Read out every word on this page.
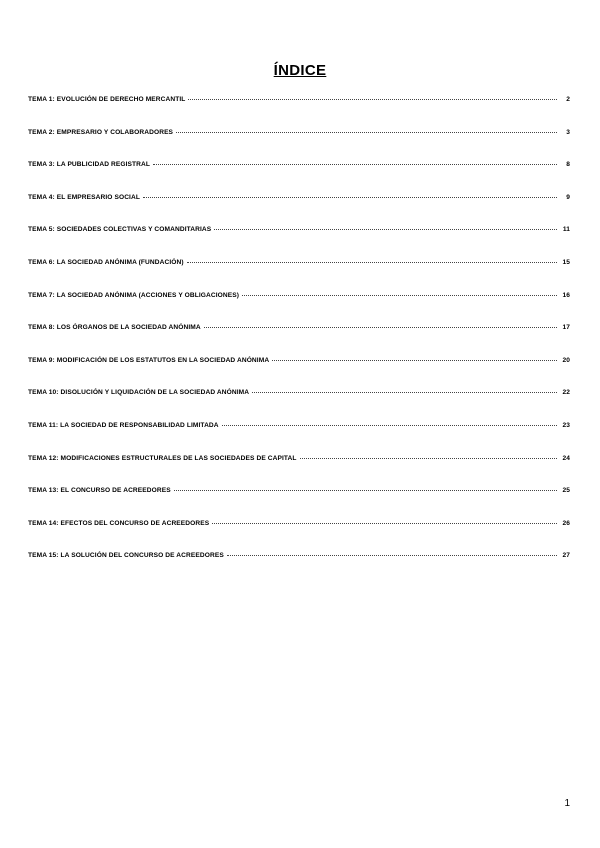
ÍNDICE
TEMA 1: EVOLUCIÓN DE DERECHO MERCANTIL	2
TEMA 2: EMPRESARIO Y COLABORADORES	3
TEMA 3: LA PUBLICIDAD REGISTRAL	8
TEMA 4: EL EMPRESARIO SOCIAL	9
TEMA 5: SOCIEDADES COLECTIVAS Y COMANDITARIAS	11
TEMA 6: LA SOCIEDAD ANÓNIMA (FUNDACIÓN)	15
TEMA 7: LA SOCIEDAD ANÓNIMA (ACCIONES Y OBLIGACIONES)	16
TEMA 8: LOS ÓRGANOS DE LA SOCIEDAD ANÓNIMA	17
TEMA 9: MODIFICACIÓN DE LOS ESTATUTOS EN LA SOCIEDAD ANÓNIMA	20
TEMA 10: DISOLUCIÓN Y LIQUIDACIÓN DE LA SOCIEDAD ANÓNIMA	22
TEMA 11: LA SOCIEDAD DE RESPONSABILIDAD LIMITADA	23
TEMA 12: MODIFICACIONES ESTRUCTURALES DE LAS SOCIEDADES DE CAPITAL	24
TEMA 13: EL CONCURSO DE ACREEDORES	25
TEMA 14: EFECTOS DEL CONCURSO DE ACREEDORES	26
TEMA 15: LA SOLUCIÓN DEL CONCURSO DE ACREEDORES	27
1
